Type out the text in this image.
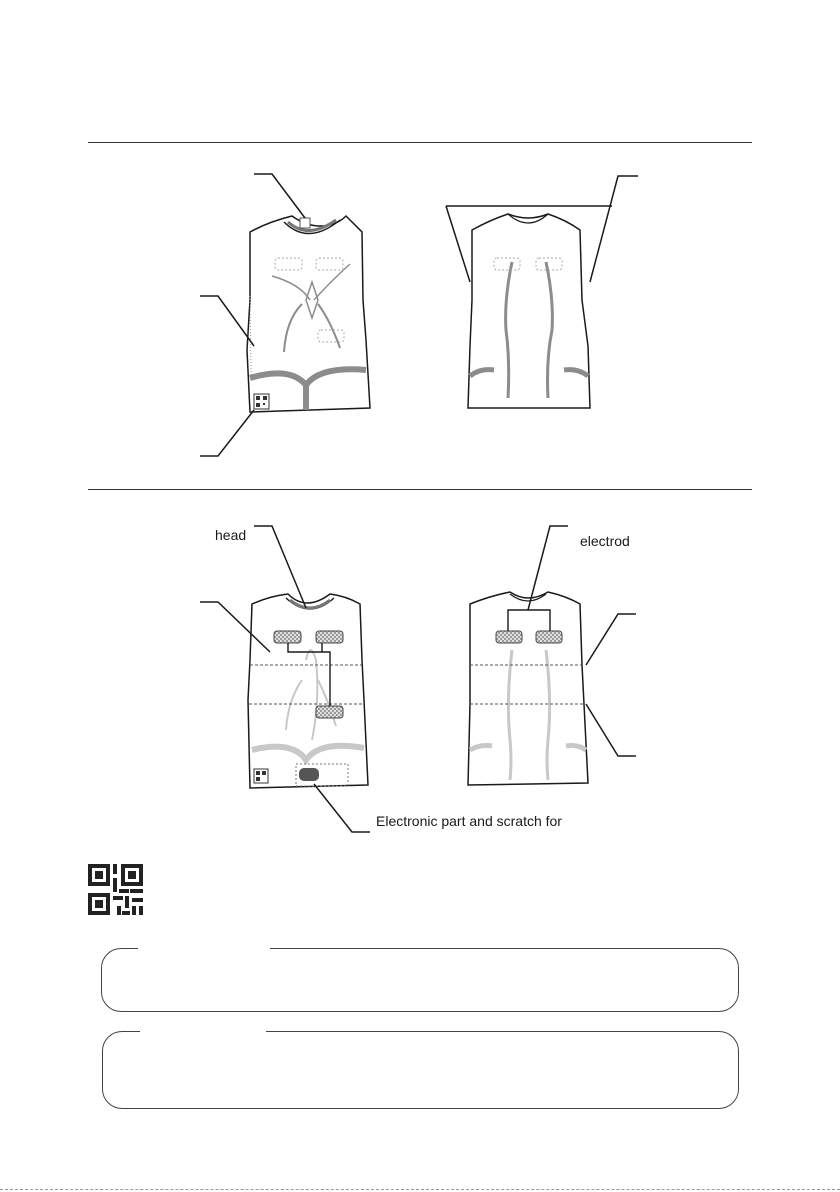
head	electrod
Electronic part and scratch for
